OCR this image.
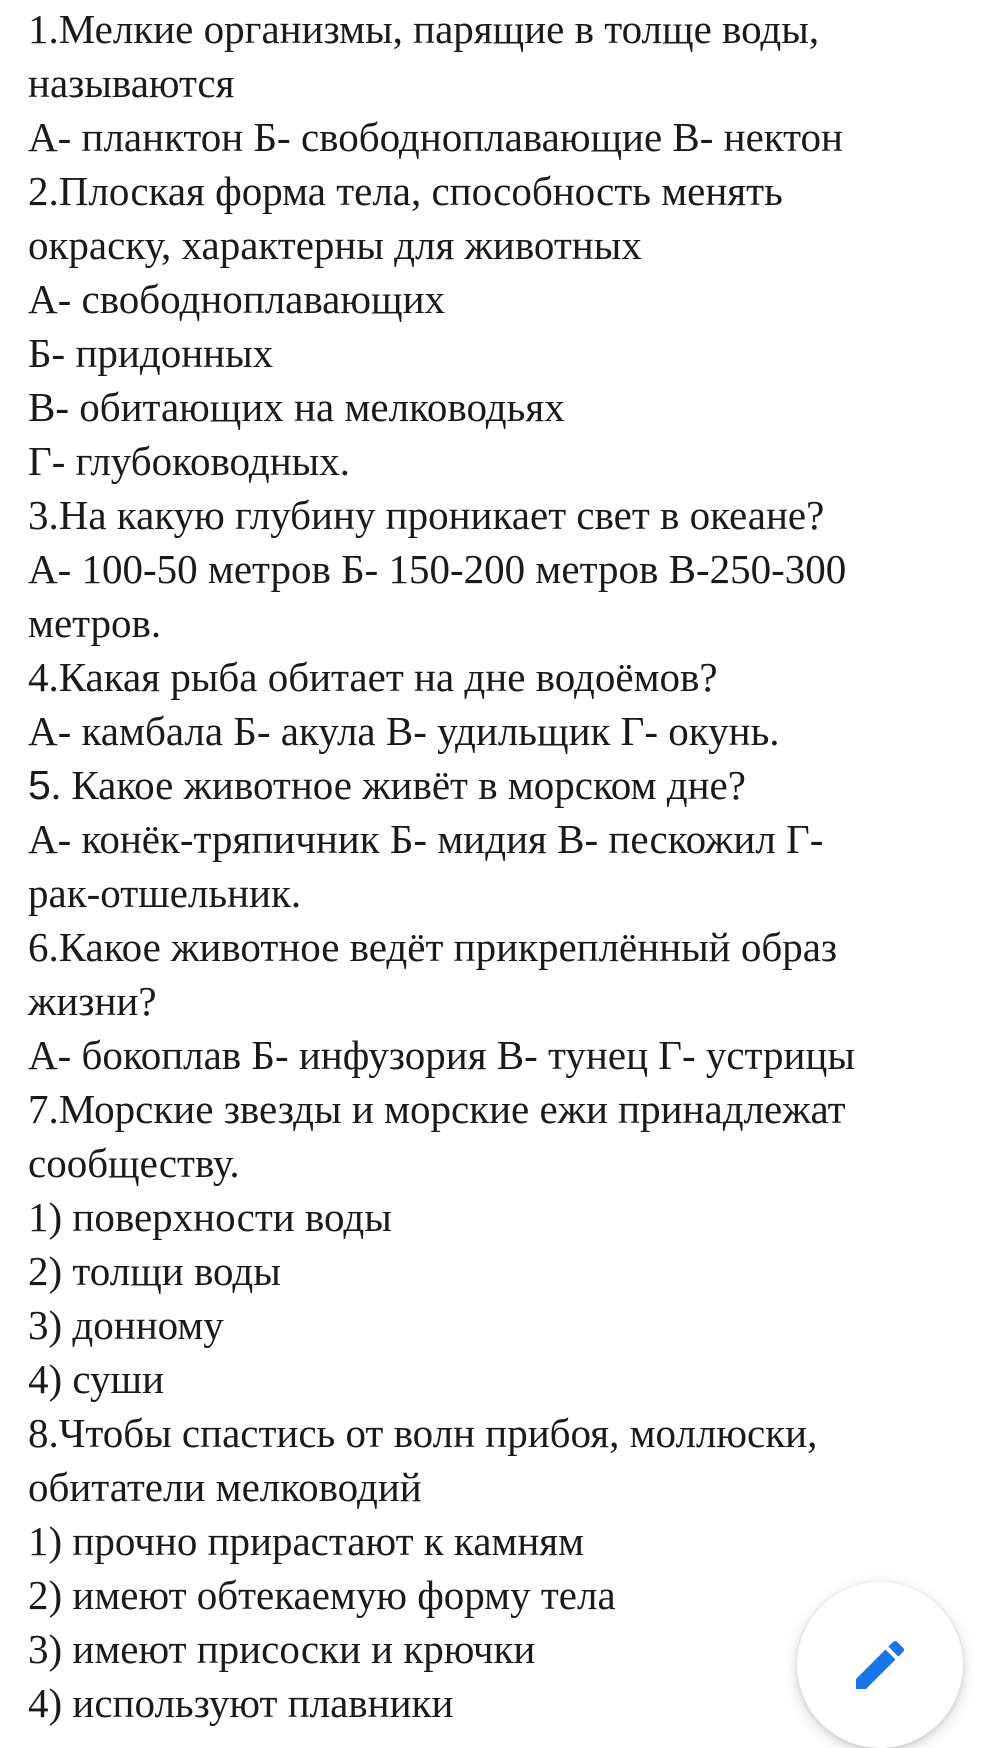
1.Мелкие организмы, парящие в толще воды,

называются

А- планктон Б- свободноплавающие В- нектон

2.Плоская форма тела, способность менять

окраску, характерны для животных

А- свободноплавающих

Б- придонных

В- обитающих на мелководьях

Г- глубоководных.

3.На какую глубину проникает свет в океане?

А- 100-50 метров Б- 150-200 метров В-250-300

метров.

4.Какая рыба обитает на дне водоёмов?

А- камбала Б- акула В- удильщик Г- окунь.

5. Какое животное живёт в морском дне?

А- конёк-тряпичник Б- мидия В- пескожил Г-

рак-отшельник.

6.Какое животное ведёт прикреплённый образ

жизни?

А- бокоплав Б- инфузория В- тунец Г- устрицы

7.Морские звезды и морские ежи принадлежат

сообществу.

1) поверхности воды

2) толщи воды

3) донному

4) суши

8.Чтобы спастись от волн прибоя, моллюски,

обитатели мелководий

1) прочно прирастают к камням

2) имеют обтекаемую форму тела

3) имеют присоски и крючки

4) используют плавники
